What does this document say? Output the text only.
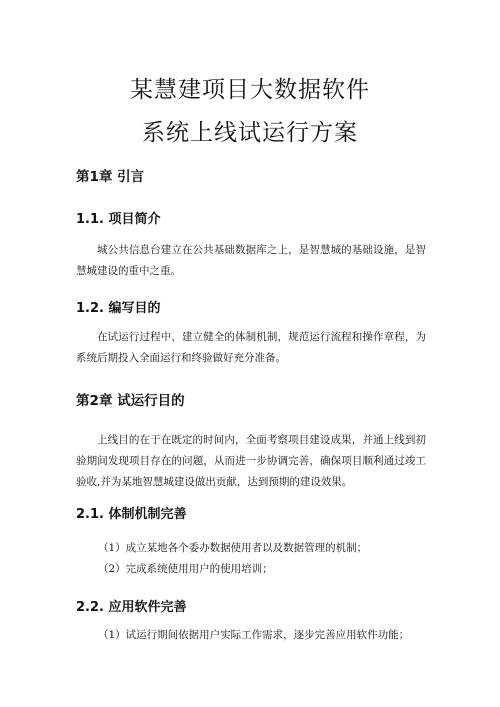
某慧建项目大数据软件
系统上线试运行方案
第1章 引言
1.1. 项目简介
城公共信息台建立在公共基础数据库之上，是智慧城的基础设施，是智慧城建设的重中之重。
1.2. 编写目的
在试运行过程中，建立健全的体制机制，规范运行流程和操作章程，为系统后期投入全面运行和终验做好充分准备。
第2章 试运行目的
上线目的在于在既定的时间内，全面考察项目建设成果，并通上线到初验期间发现项目存在的问题，从而进一步协调完善，确保项目顺利通过竣工验收,并为某地智慧城建设做出贡献，达到预期的建设效果。
2.1. 体制机制完善
（1）成立某地各个委办数据使用者以及数据管理的机制；
（2）完成系统使用用户的使用培训；
2.2. 应用软件完善
（1）试运行期间依据用户实际工作需求，逐步完善应用软件功能；
